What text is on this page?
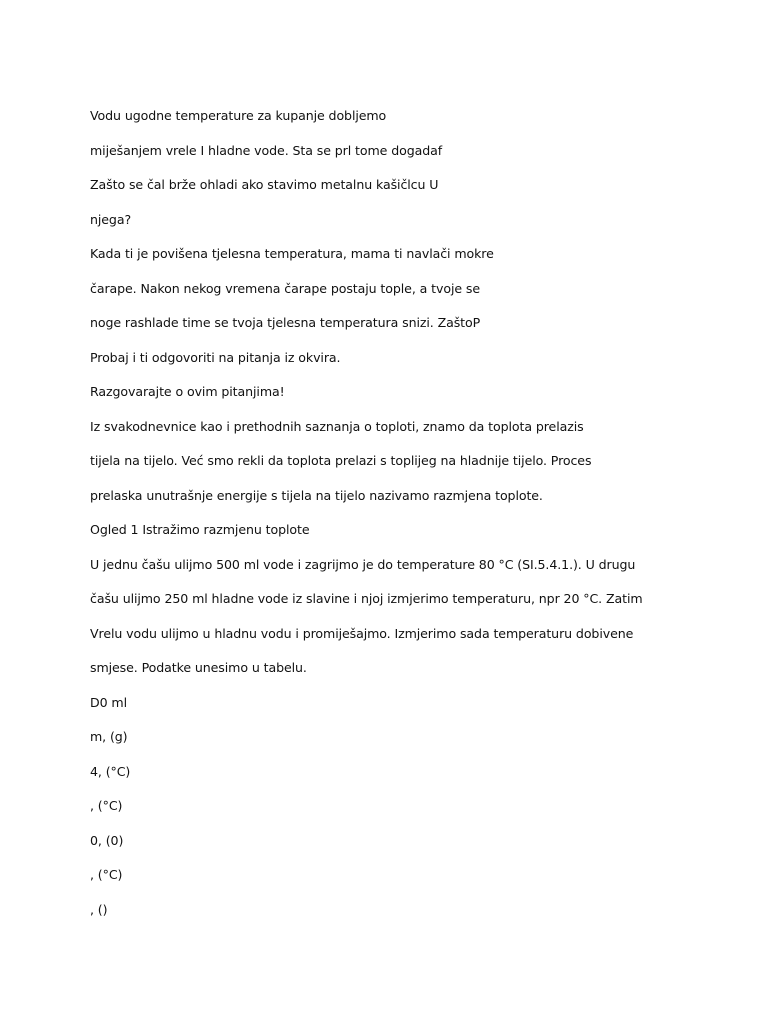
Vodu ugodne temperature za kupanje dobljemo
miješanjem vrele I hladne vode. Sta se prl tome dogadaf
Zašto se čal brže ohladi ako stavimo metalnu kašičlcu U
njega?
Kada ti je povišena tjelesna temperatura, mama ti navlači mokre
čarape. Nakon nekog vremena čarape postaju tople, a tvoje se
noge rashlade time se tvoja tjelesna temperatura snizi. ZaštoP
Probaj i ti odgovoriti na pitanja iz okvira.
Razgovarajte o ovim pitanjima!
Iz svakodnevnice kao i prethodnih saznanja o toploti, znamo da toplota prelazis
tijela na tijelo. Već smo rekli da toplota prelazi s toplijeg na hladnije tijelo. Proces
prelaska unutrašnje energije s tijela na tijelo nazivamo razmjena toplote.
Ogled 1 Istražimo razmjenu toplote
U jednu čašu ulijmo 500 ml vode i zagrijmo je do temperature 80 °C (SI.5.4.1.). U drugu
čašu ulijmo 250 ml hladne vode iz slavine i njoj izmjerimo temperaturu, npr 20 °C. Zatim
Vrelu vodu ulijmo u hladnu vodu i promiješajmo. Izmjerimo sada temperaturu dobivene
smjese. Podatke unesimo u tabelu.
D0 ml
m, (g)
4, (°C)
, (°C)
0, (0)
, (°C)
, ()
